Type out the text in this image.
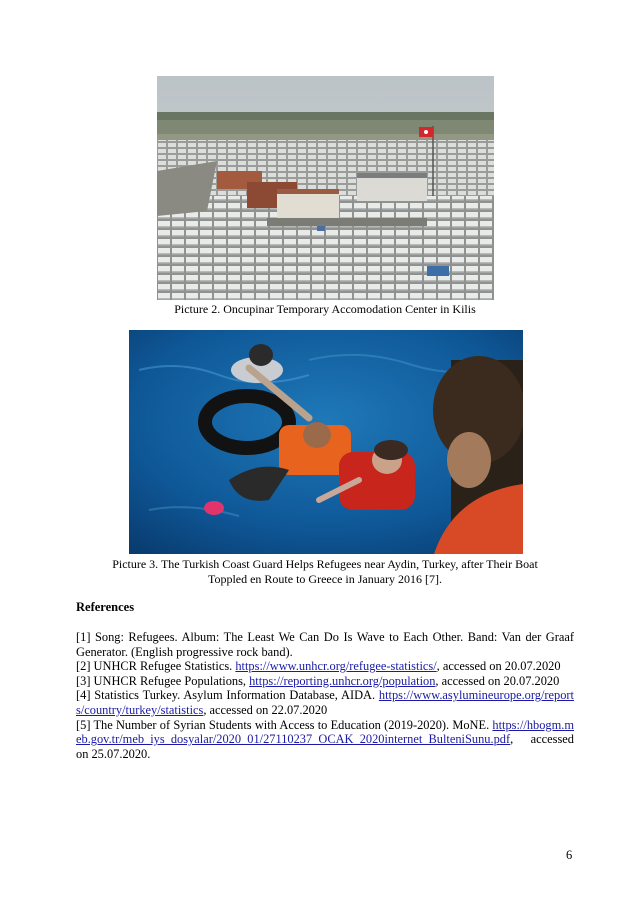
Picture 2. Oncupinar Temporary Accomodation Center in Kilis
Picture 3. The Turkish Coast Guard Helps Refugees near Aydin, Turkey, after Their Boat
Toppled en Route to Greece in January 2016 [7].
References

[1] Song: Refugees. Album: The Least We Can Do Is Wave to Each Other. Band: Van der Graaf Generator. (English progressive rock band).

[2] UNHCR Refugee Statistics. https://www.unhcr.org/refugee-statistics/, accessed on 20.07.2020

[3] UNHCR Refugee Populations, https://reporting.unhcr.org/population, accessed on 20.07.2020

[4] Statistics Turkey. Asylum Information Database, AIDA. https://www.asylumineurope.org/reports/country/turkey/statistics, accessed on 22.07.2020

[5] The Number of Syrian Students with Access to Education (2019-2020). MoNE. https://hbogm.meb.gov.tr/meb_iys_dosyalar/2020_01/27110237_OCAK_2020internet_BulteniSunu.pdf, accessed on 25.07.2020.

6
